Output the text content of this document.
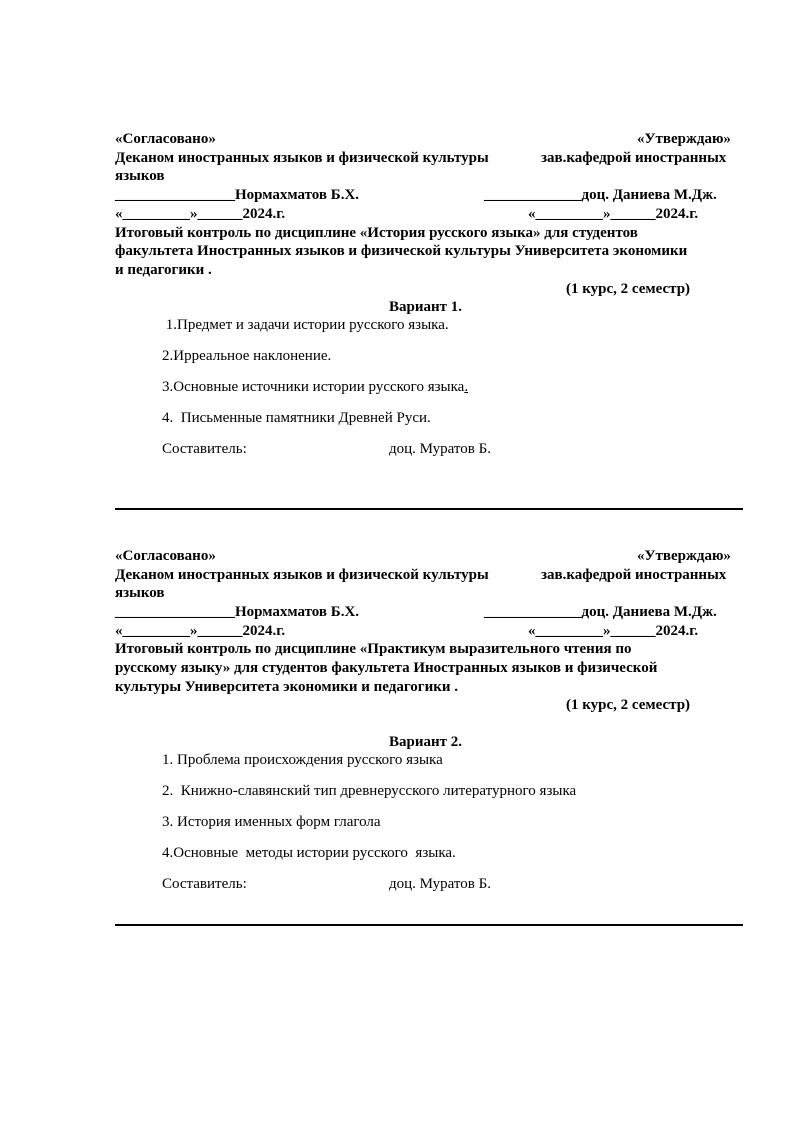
«Согласовано»	«Утверждаю»
Деканом иностранных языков и физической культуры	зав.кафедрой иностранных
языков
________________Нормахматов Б.Х.	_____________доц. Даниева М.Дж.
«_________»______2024.г.	«_________»______2024.г.
Итоговый контроль по дисциплине «История русского языка» для студентов
факультета Иностранных языков и физической культуры Университета экономики
и педагогики .
(1 курс, 2 семестр)
Вариант 1.
1.Предмет и задачи истории русского языка.
2.Ирреальное наклонение.
3.Основные источники истории русского языка.
4.  Письменные памятники Древней Руси.
Составитель:	доц. Муратов Б.
«Согласовано»	«Утверждаю»
Деканом иностранных языков и физической культуры	зав.кафедрой иностранных
языков
________________Нормахматов Б.Х.	_____________доц. Даниева М.Дж.
«_________»______2024.г.	«_________»______2024.г.
Итоговый контроль по дисциплине «Практикум выразительного чтения по
русскому языку» для студентов факультета Иностранных языков и физической
культуры Университета экономики и педагогики .
(1 курс, 2 семестр)
Вариант 2.
1. Проблема происхождения русского языка
2.  Книжно-славянский тип древнерусского литературного языка
3. История именных форм глагола
4.Основные  методы истории русского  языка.
Составитель:	доц. Муратов Б.
